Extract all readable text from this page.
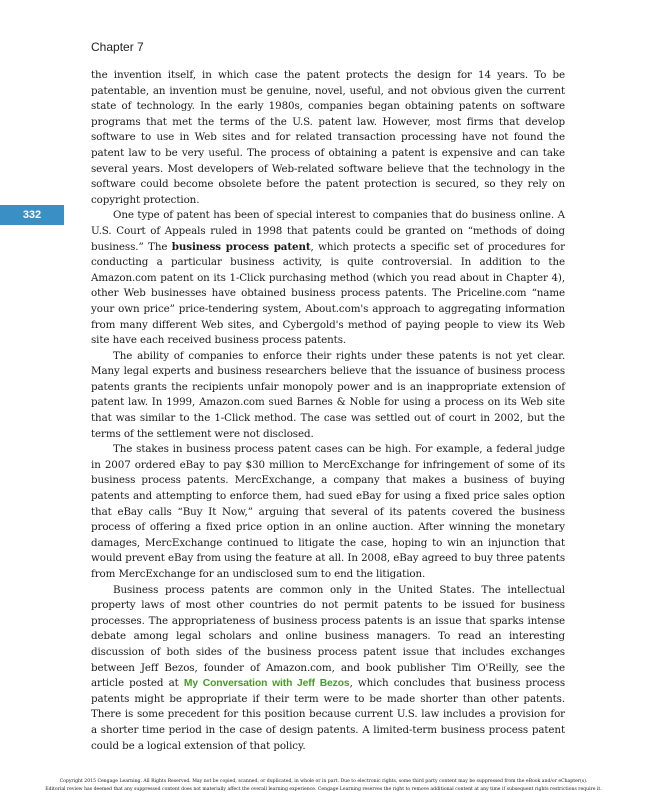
Chapter 7
332

the invention itself, in which case the patent protects the design for 14 years. To be patentable, an invention must be genuine, novel, useful, and not obvious given the current state of technology. In the early 1980s, companies began obtaining patents on software programs that met the terms of the U.S. patent law. However, most firms that develop software to use in Web sites and for related transaction processing have not found the patent law to be very useful. The process of obtaining a patent is expensive and can take several years. Most developers of Web-related software believe that the technology in the software could become obsolete before the patent protection is secured, so they rely on copyright protection.

One type of patent has been of special interest to companies that do business online. A U.S. Court of Appeals ruled in 1998 that patents could be granted on “methods of doing business.” The business process patent, which protects a specific set of procedures for conducting a particular business activity, is quite controversial. In addition to the Amazon.com patent on its 1-Click purchasing method (which you read about in Chapter 4), other Web businesses have obtained business process patents. The Priceline.com “name your own price” price-tendering system, About.com's approach to aggregating information from many different Web sites, and Cybergold's method of paying people to view its Web site have each received business process patents.

The ability of companies to enforce their rights under these patents is not yet clear. Many legal experts and business researchers believe that the issuance of business process patents grants the recipients unfair monopoly power and is an inappropriate extension of patent law. In 1999, Amazon.com sued Barnes & Noble for using a process on its Web site that was similar to the 1-Click method. The case was settled out of court in 2002, but the terms of the settlement were not disclosed.

The stakes in business process patent cases can be high. For example, a federal judge in 2007 ordered eBay to pay $30 million to MercExchange for infringement of some of its business process patents. MercExchange, a company that makes a business of buying patents and attempting to enforce them, had sued eBay for using a fixed price sales option that eBay calls “Buy It Now,” arguing that several of its patents covered the business process of offering a fixed price option in an online auction. After winning the monetary damages, MercExchange continued to litigate the case, hoping to win an injunction that would prevent eBay from using the feature at all. In 2008, eBay agreed to buy three patents from MercExchange for an undisclosed sum to end the litigation.

Business process patents are common only in the United States. The intellectual property laws of most other countries do not permit patents to be issued for business processes. The appropriateness of business process patents is an issue that sparks intense debate among legal scholars and online business managers. To read an interesting discussion of both sides of the business process patent issue that includes exchanges between Jeff Bezos, founder of Amazon.com, and book publisher Tim O'Reilly, see the article posted at My Conversation with Jeff Bezos, which concludes that business process patents might be appropriate if their term were to be made shorter than other patents. There is some precedent for this position because current U.S. law includes a provision for a shorter time period in the case of design patents. A limited-term business process patent could be a logical extension of that policy.

Copyright 2015 Cengage Learning. All Rights Reserved. May not be copied, scanned, or duplicated, in whole or in part. Due to electronic rights, some third party content may be suppressed from the eBook and/or eChapter(s).
Editorial review has deemed that any suppressed content does not materially affect the overall learning experience. Cengage Learning reserves the right to remove additional content at any time if subsequent rights restrictions require it.
